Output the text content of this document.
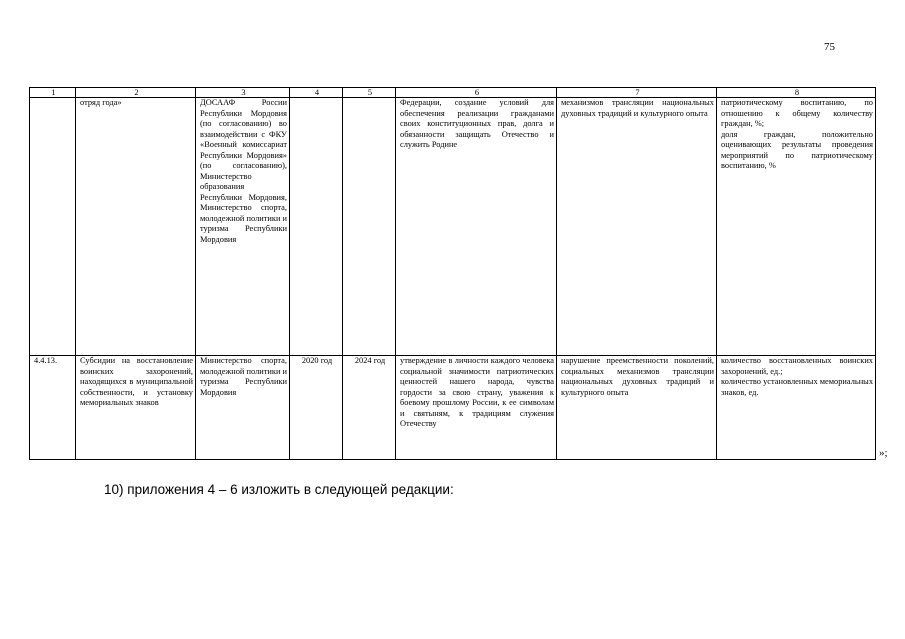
75
1	2	3	4	5	6	7	8
	отряд года»	ДОСААФ России Республики Мордовия (по согласованию) во взаимодействии с ФКУ «Военный комиссариат Республики Мордовия» (по согласованию), Министерство образования Республики Мордовия, Министерство спорта, молодежной политики и туризма Республики Мордовия			Федерации, создание условий для обеспечения реализации гражданами своих конституционных прав, долга и обязанности защищать Отечество и служить Родине	механизмов трансляции национальных духовных традиций и культурного опыта	патриотическому воспитанию, по отношению к общему количеству граждан, %;
доля граждан, положительно оценивающих результаты проведения мероприятий по патриотическому воспитанию, %

4.4.13.	Субсидии на восстановление воинских захоронений, находящихся в муниципальной собственности, и установку мемориальных знаков	Министерство спорта, молодежной политики и туризма Республики Мордовия	2020 год	2024 год	утверждение в личности каждого человека социальной значимости патриотических ценностей нашего народа, чувства гордости за свою страну, уважения к боевому прошлому России, к ее символам и святыням, к традициям служения Отечеству	нарушение преемственности поколений, социальных механизмов трансляции национальных духовных традиций и культурного опыта	количество восстановленных воинских захоронений, ед.;
количество установленных мемориальных знаков, ед.
»;
10) приложения 4 – 6 изложить в следующей редакции:
